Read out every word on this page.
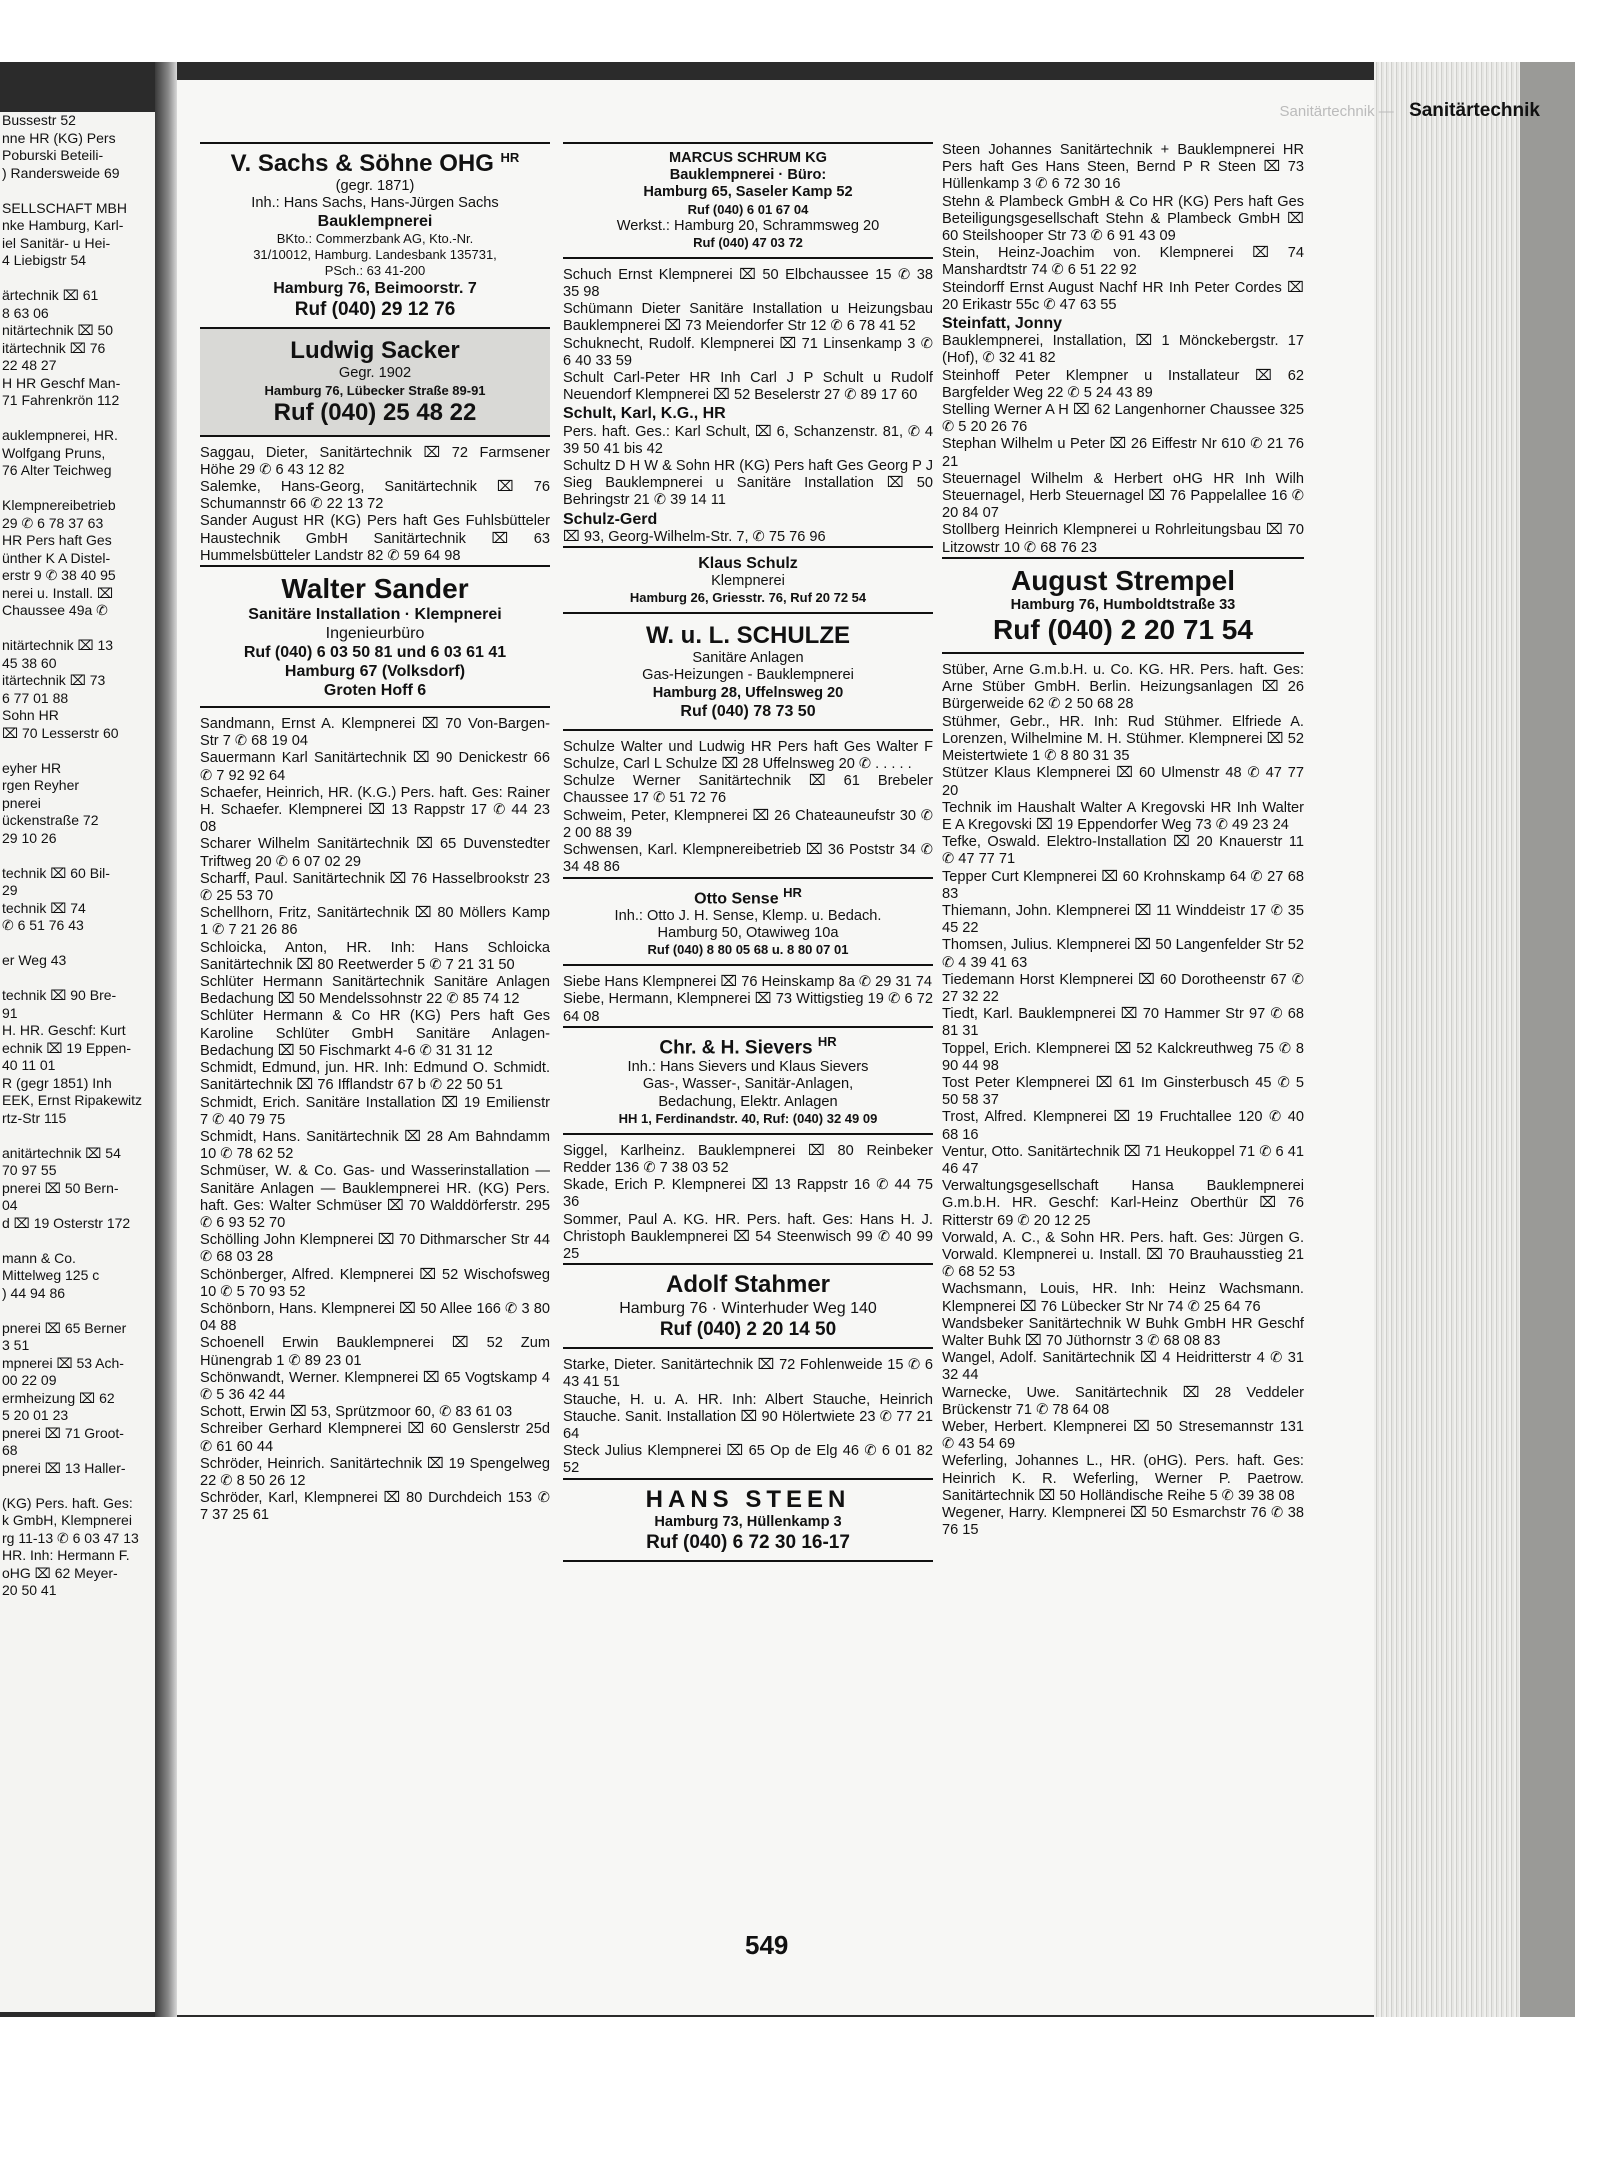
Bussestr 52
nne HR (KG) Pers
Poburski Beteili-
) Randersweide 69

SELLSCHAFT MBH
nke Hamburg, Karl-
iel Sanitär- u Hei-
4 Liebigstr 54

ärtechnik ⌧ 61
8 63 06
nitärtechnik ⌧ 50
itärtechnik ⌧ 76
22 48 27
H HR Geschf Man-
71 Fahrenkrön 112

auklempnerei, HR.
Wolfgang Pruns,
76 Alter Teichweg

Klempnereibetrieb
29 ✆ 6 78 37 63
HR Pers haft Ges
ünther K A Distel-
erstr 9 ✆ 38 40 95
nerei u. Install. ⌧
Chaussee 49a ✆

nitärtechnik ⌧ 13
45 38 60
itärtechnik ⌧ 73
6 77 01 88
Sohn HR
⌧ 70 Lesserstr 60

eyher HR
rgen Reyher
pnerei
ückenstraße 72
29 10 26

technik ⌧ 60 Bil-
29
technik ⌧ 74
✆ 6 51 76 43

er Weg 43

technik ⌧ 90 Bre-
91
H. HR. Geschf: Kurt
echnik ⌧ 19 Eppen-
40 11 01
R (gegr 1851) Inh
EEK, Ernst Ripakewitz
rtz-Str 115

anitärtechnik ⌧ 54
70 97 55
pnerei ⌧ 50 Bern-
04
d ⌧ 19 Osterstr 172

mann & Co.
Mittelweg 125 c
) 44 94 86

pnerei ⌧ 65 Berner
3 51
mpnerei ⌧ 53 Ach-
00 22 09
ermheizung ⌧ 62
5 20 01 23
pnerei ⌧ 71 Groot-
68
pnerei ⌧ 13 Haller-

(KG) Pers. haft. Ges:
k GmbH, Klempnerei
rg 11-13 ✆ 6 03 47 13
HR. Inh: Hermann F.
oHG ⌧ 62 Meyer-
20 50 41
Sanitärtechnik — Sanitärtechnik
V. Sachs & Söhne OHG $^{HR}$
(gegr. 1871)
Inh.: Hans Sachs, Hans-Jürgen Sachs
Bauklempnerei
BKto.: Commerzbank AG, Kto.-Nr.
31/10012, Hamburg. Landesbank 135731,
PSch.: 63 41-200
Hamburg 76, Beimoorstr. 7
Ruf (040) 29 12 76
Ludwig Sacker
Gegr. 1902
Hamburg 76, Lübecker Straße 89-91
Ruf (040) 25 48 22

Saggau, Dieter, Sanitärtechnik ⌧ 72 Farmsener Höhe 29 ✆ 6 43 12 82

Salemke, Hans-Georg, Sanitärtechnik ⌧ 76 Schumannstr 66 ✆ 22 13 72

Sander August HR (KG) Pers haft Ges Fuhlsbütteler Haustechnik GmbH Sanitärtechnik ⌧ 63 Hummelsbütteler Landstr 82 ✆ 59 64 98

Walter Sander
Sanitäre Installation · Klempnerei
Ingenieurbüro
Ruf (040) 6 03 50 81 und 6 03 61 41
Hamburg 67 (Volksdorf)
Groten Hoff 6

Sandmann, Ernst A. Klempnerei ⌧ 70 Von-Bargen-Str 7 ✆ 68 19 04

Sauermann Karl Sanitärtechnik ⌧ 90 Denickestr 66 ✆ 7 92 92 64

Schaefer, Heinrich, HR. (K.G.) Pers. haft. Ges: Rainer H. Schaefer. Klempnerei ⌧ 13 Rappstr 17 ✆ 44 23 08

Scharer Wilhelm Sanitärtechnik ⌧ 65 Duvenstedter Triftweg 20 ✆ 6 07 02 29

Scharff, Paul. Sanitärtechnik ⌧ 76 Hasselbrookstr 23 ✆ 25 53 70

Schellhorn, Fritz, Sanitärtechnik ⌧ 80 Möllers Kamp 1 ✆ 7 21 26 86

Schloicka, Anton, HR. Inh: Hans Schloicka Sanitärtechnik ⌧ 80 Reetwerder 5 ✆ 7 21 31 50

Schlüter Hermann Sanitärtechnik Sanitäre Anlagen Bedachung ⌧ 50 Mendelssohnstr 22 ✆ 85 74 12

Schlüter Hermann & Co HR (KG) Pers haft Ges Karoline Schlüter GmbH Sanitäre Anlagen-Bedachung ⌧ 50 Fischmarkt 4-6 ✆ 31 31 12

Schmidt, Edmund, jun. HR. Inh: Edmund O. Schmidt. Sanitärtechnik ⌧ 76 Ifflandstr 67 b ✆ 22 50 51

Schmidt, Erich. Sanitäre Installation ⌧ 19 Emilienstr 7 ✆ 40 79 75

Schmidt, Hans. Sanitärtechnik ⌧ 28 Am Bahndamm 10 ✆ 78 62 52

Schmüser, W. & Co. Gas- und Wasserinstallation — Sanitäre Anlagen — Bauklempnerei HR. (KG) Pers. haft. Ges: Walter Schmüser ⌧ 70 Walddörferstr. 295 ✆ 6 93 52 70

Schölling John Klempnerei ⌧ 70 Dithmarscher Str 44 ✆ 68 03 28

Schönberger, Alfred. Klempnerei ⌧ 52 Wischofsweg 10 ✆ 5 70 93 52

Schönborn, Hans. Klempnerei ⌧ 50 Allee 166 ✆ 3 80 04 88

Schoenell Erwin Bauklempnerei ⌧ 52 Zum Hünengrab 1 ✆ 89 23 01

Schönwandt, Werner. Klempnerei ⌧ 65 Vogtskamp 4 ✆ 5 36 42 44

Schott, Erwin ⌧ 53, Sprützmoor 60, ✆ 83 61 03

Schreiber Gerhard Klempnerei ⌧ 60 Genslerstr 25d ✆ 61 60 44

Schröder, Heinrich. Sanitärtechnik ⌧ 19 Spengelweg 22 ✆ 8 50 26 12

Schröder, Karl, Klempnerei ⌧ 80 Durchdeich 153 ✆ 7 37 25 61

MARCUS SCHRUM KG
Bauklempnerei · Büro:
Hamburg 65, Saseler Kamp 52
Ruf (040) 6 01 67 04
Werkst.: Hamburg 20, Schrammsweg 20
Ruf (040) 47 03 72

Schuch Ernst Klempnerei ⌧ 50 Elbchaussee 15 ✆ 38 35 98

Schümann Dieter Sanitäre Installation u Heizungsbau Bauklempnerei ⌧ 73 Meiendorfer Str 12 ✆ 6 78 41 52

Schuknecht, Rudolf. Klempnerei ⌧ 71 Linsenkamp 3 ✆ 6 40 33 59

Schult Carl-Peter HR Inh Carl J P Schult u Rudolf Neuendorf Klempnerei ⌧ 52 Beselerstr 27 ✆ 89 17 60

Schult, Karl, K.G., HR
Pers. haft. Ges.: Karl Schult, ⌧ 6, Schanzenstr. 81, ✆ 4 39 50 41 bis 42

Schultz D H W & Sohn HR (KG) Pers haft Ges Georg P J Sieg Bauklempnerei u Sanitäre Installation ⌧ 50 Behringstr 21 ✆ 39 14 11

Schulz-Gerd
⌧ 93, Georg-Wilhelm-Str. 7, ✆ 75 76 96

Klaus Schulz
Klempnerei
Hamburg 26, Griesstr. 76, Ruf 20 72 54
W. u. L. SCHULZE
Sanitäre Anlagen
Gas-Heizungen - Bauklempnerei
Hamburg 28, Uffelnsweg 20
Ruf (040) 78 73 50

Schulze Walter und Ludwig HR Pers haft Ges Walter F Schulze, Carl L Schulze ⌧ 28 Uffelnsweg 20 ✆ . . . . .

Schulze Werner Sanitärtechnik ⌧ 61 Brebeler Chaussee 17 ✆ 51 72 76

Schweim, Peter, Klempnerei ⌧ 26 Chateauneufstr 30 ✆ 2 00 88 39

Schwensen, Karl. Klempnereibetrieb ⌧ 36 Poststr 34 ✆ 34 48 86

Otto Sense $^{HR}$
Inh.: Otto J. H. Sense, Klemp. u. Bedach.
Hamburg 50, Otawiweg 10a
Ruf (040) 8 80 05 68 u. 8 80 07 01

Siebe Hans Klempnerei ⌧ 76 Heinskamp 8a ✆ 29 31 74

Siebe, Hermann, Klempnerei ⌧ 73 Wittigstieg 19 ✆ 6 72 64 08

Chr. & H. Sievers $^{HR}$
Inh.: Hans Sievers und Klaus Sievers
Gas-, Wasser-, Sanitär-Anlagen,
Bedachung, Elektr. Anlagen
HH 1, Ferdinandstr. 40, Ruf: (040) 32 49 09

Siggel, Karlheinz. Bauklempnerei ⌧ 80 Reinbeker Redder 136 ✆ 7 38 03 52

Skade, Erich P. Klempnerei ⌧ 13 Rappstr 16 ✆ 44 75 36

Sommer, Paul A. KG. HR. Pers. haft. Ges: Hans H. J. Christoph Bauklempnerei ⌧ 54 Steenwisch 99 ✆ 40 99 25

Adolf Stahmer
Hamburg 76 · Winterhuder Weg 140
Ruf (040) 2 20 14 50

Starke, Dieter. Sanitärtechnik ⌧ 72 Fohlenweide 15 ✆ 6 43 41 51

Stauche, H. u. A. HR. Inh: Albert Stauche, Heinrich Stauche. Sanit. Installation ⌧ 90 Hölertwiete 23 ✆ 77 21 64

Steck Julius Klempnerei ⌧ 65 Op de Elg 46 ✆ 6 01 82 52

HANS STEEN
Hamburg 73, Hüllenkamp 3
Ruf (040) 6 72 30 16-17

Steen Johannes Sanitärtechnik + Bauklempnerei HR Pers haft Ges Hans Steen, Bernd P R Steen ⌧ 73 Hüllenkamp 3 ✆ 6 72 30 16

Stehn & Plambeck GmbH & Co HR (KG) Pers haft Ges Beteiligungsgesellschaft Stehn & Plambeck GmbH ⌧ 60 Steilshooper Str 73 ✆ 6 91 43 09

Stein, Heinz-Joachim von. Klempnerei ⌧ 74 Manshardtstr 74 ✆ 6 51 22 92

Steindorff Ernst August Nachf HR Inh Peter Cordes ⌧ 20 Erikastr 55c ✆ 47 63 55

Steinfatt, Jonny
Bauklempnerei, Installation, ⌧ 1 Mönckebergstr. 17 (Hof), ✆ 32 41 82

Steinhoff Peter Klempner u Installateur ⌧ 62 Bargfelder Weg 22 ✆ 5 24 43 89

Stelling Werner A H ⌧ 62 Langenhorner Chaussee 325 ✆ 5 20 26 76

Stephan Wilhelm u Peter ⌧ 26 Eiffestr Nr 610 ✆ 21 76 21

Steuernagel Wilhelm & Herbert oHG HR Inh Wilh Steuernagel, Herb Steuernagel ⌧ 76 Pappelallee 16 ✆ 20 84 07

Stollberg Heinrich Klempnerei u Rohrleitungsbau ⌧ 70 Litzowstr 10 ✆ 68 76 23

August Strempel
Hamburg 76, Humboldtstraße 33
Ruf (040) 2 20 71 54

Stüber, Arne G.m.b.H. u. Co. KG. HR. Pers. haft. Ges: Arne Stüber GmbH. Berlin. Heizungsanlagen ⌧ 26 Bürgerweide 62 ✆ 2 50 68 28

Stühmer, Gebr., HR. Inh: Rud Stühmer. Elfriede A. Lorenzen, Wilhelmine M. H. Stühmer. Klempnerei ⌧ 52 Meistertwiete 1 ✆ 8 80 31 35

Stützer Klaus Klempnerei ⌧ 60 Ulmenstr 48 ✆ 47 77 20

Technik im Haushalt Walter A Kregovski HR Inh Walter E A Kregovski ⌧ 19 Eppendorfer Weg 73 ✆ 49 23 24

Tefke, Oswald. Elektro-Installation ⌧ 20 Knauerstr 11 ✆ 47 77 71

Tepper Curt Klempnerei ⌧ 60 Krohnskamp 64 ✆ 27 68 83

Thiemann, John. Klempnerei ⌧ 11 Winddeistr 17 ✆ 35 45 22

Thomsen, Julius. Klempnerei ⌧ 50 Langenfelder Str 52 ✆ 4 39 41 63

Tiedemann Horst Klempnerei ⌧ 60 Dorotheenstr 67 ✆ 27 32 22

Tiedt, Karl. Bauklempnerei ⌧ 70 Hammer Str 97 ✆ 68 81 31

Toppel, Erich. Klempnerei ⌧ 52 Kalckreuthweg 75 ✆ 8 90 44 98

Tost Peter Klempnerei ⌧ 61 Im Ginsterbusch 45 ✆ 5 50 58 37

Trost, Alfred. Klempnerei ⌧ 19 Fruchtallee 120 ✆ 40 68 16

Ventur, Otto. Sanitärtechnik ⌧ 71 Heukoppel 71 ✆ 6 41 46 47

Verwaltungsgesellschaft Hansa Bauklempnerei G.m.b.H. HR. Geschf: Karl-Heinz Oberthür ⌧ 76 Ritterstr 69 ✆ 20 12 25

Vorwald, A. C., & Sohn HR. Pers. haft. Ges: Jürgen G. Vorwald. Klempnerei u. Install. ⌧ 70 Brauhausstieg 21 ✆ 68 52 53

Wachsmann, Louis, HR. Inh: Heinz Wachsmann. Klempnerei ⌧ 76 Lübecker Str Nr 74 ✆ 25 64 76

Wandsbeker Sanitärtechnik W Buhk GmbH HR Geschf Walter Buhk ⌧ 70 Jüthornstr 3 ✆ 68 08 83

Wangel, Adolf. Sanitärtechnik ⌧ 4 Heidritterstr 4 ✆ 31 32 44

Warnecke, Uwe. Sanitärtechnik ⌧ 28 Veddeler Brückenstr 71 ✆ 78 64 08

Weber, Herbert. Klempnerei ⌧ 50 Stresemannstr 131 ✆ 43 54 69

Weferling, Johannes L., HR. (oHG). Pers. haft. Ges: Heinrich K. R. Weferling, Werner P. Paetrow. Sanitärtechnik ⌧ 50 Holländische Reihe 5 ✆ 39 38 08

Wegener, Harry. Klempnerei ⌧ 50 Esmarchstr 76 ✆ 38 76 15

549
